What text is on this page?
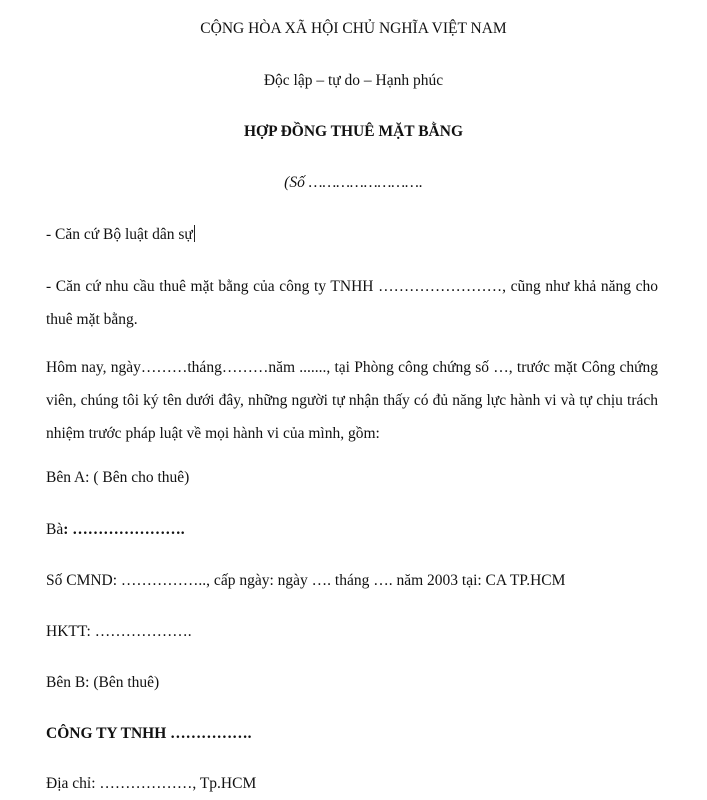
CỘNG HÒA XÃ HỘI CHỦ NGHĨA VIỆT NAM
Độc lập – tự do – Hạnh phúc
HỢP ĐỒNG THUÊ MẶT BẰNG
(Số …………………….
- Căn cứ Bộ luật dân sự
- Căn cứ nhu cầu thuê mặt bằng của công ty TNHH ……………………, cũng như khả năng cho thuê mặt bằng.
Hôm nay, ngày………tháng………năm ......., tại Phòng công chứng số …, trước mặt Công chứng viên, chúng tôi ký tên dưới đây, những người tự nhận thấy có đủ năng lực hành vi và tự chịu trách nhiệm trước pháp luật về mọi hành vi của mình, gồm:
Bên A: ( Bên cho thuê)
Bà: ………………….
Số CMND: …………….., cấp ngày: ngày …. tháng …. năm 2003 tại: CA TP.HCM
HKTT: ……………….
Bên B: (Bên thuê)
CÔNG TY TNHH …………….
Địa chỉ: ………………, Tp.HCM
